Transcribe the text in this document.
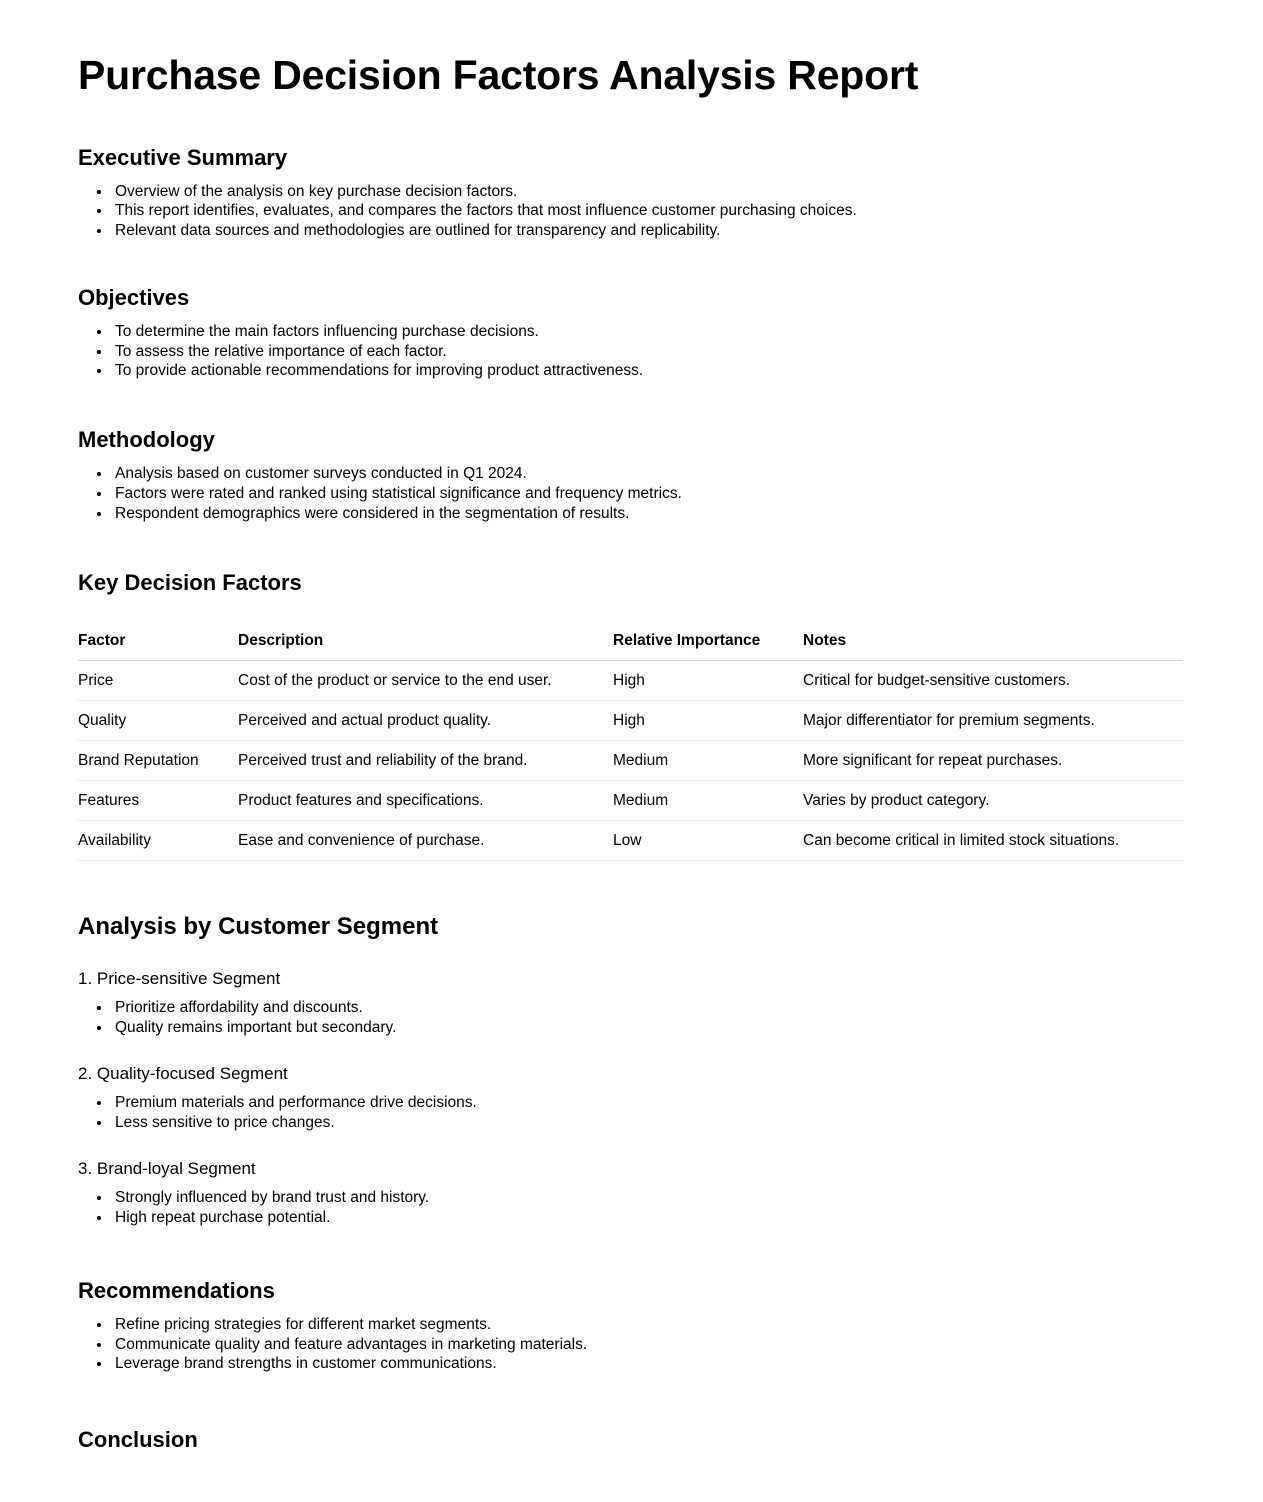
Purchase Decision Factors Analysis Report
Executive Summary
• Overview of the analysis on key purchase decision factors.
• This report identifies, evaluates, and compares the factors that most influence customer purchasing choices.
• Relevant data sources and methodologies are outlined for transparency and replicability.
Objectives
• To determine the main factors influencing purchase decisions.
• To assess the relative importance of each factor.
• To provide actionable recommendations for improving product attractiveness.
Methodology
• Analysis based on customer surveys conducted in Q1 2024.
• Factors were rated and ranked using statistical significance and frequency metrics.
• Respondent demographics were considered in the segmentation of results.
Key Decision Factors
Factor	Description	Relative Importance	Notes
Price	Cost of the product or service to the end user.	High	Critical for budget-sensitive customers.
Quality	Perceived and actual product quality.	High	Major differentiator for premium segments.
Brand Reputation	Perceived trust and reliability of the brand.	Medium	More significant for repeat purchases.
Features	Product features and specifications.	Medium	Varies by product category.
Availability	Ease and convenience of purchase.	Low	Can become critical in limited stock situations.
Analysis by Customer Segment
1. Price-sensitive Segment
• Prioritize affordability and discounts.
• Quality remains important but secondary.
2. Quality-focused Segment
• Premium materials and performance drive decisions.
• Less sensitive to price changes.
3. Brand-loyal Segment
• Strongly influenced by brand trust and history.
• High repeat purchase potential.
Recommendations
• Refine pricing strategies for different market segments.
• Communicate quality and feature advantages in marketing materials.
• Leverage brand strengths in customer communications.
Conclusion
